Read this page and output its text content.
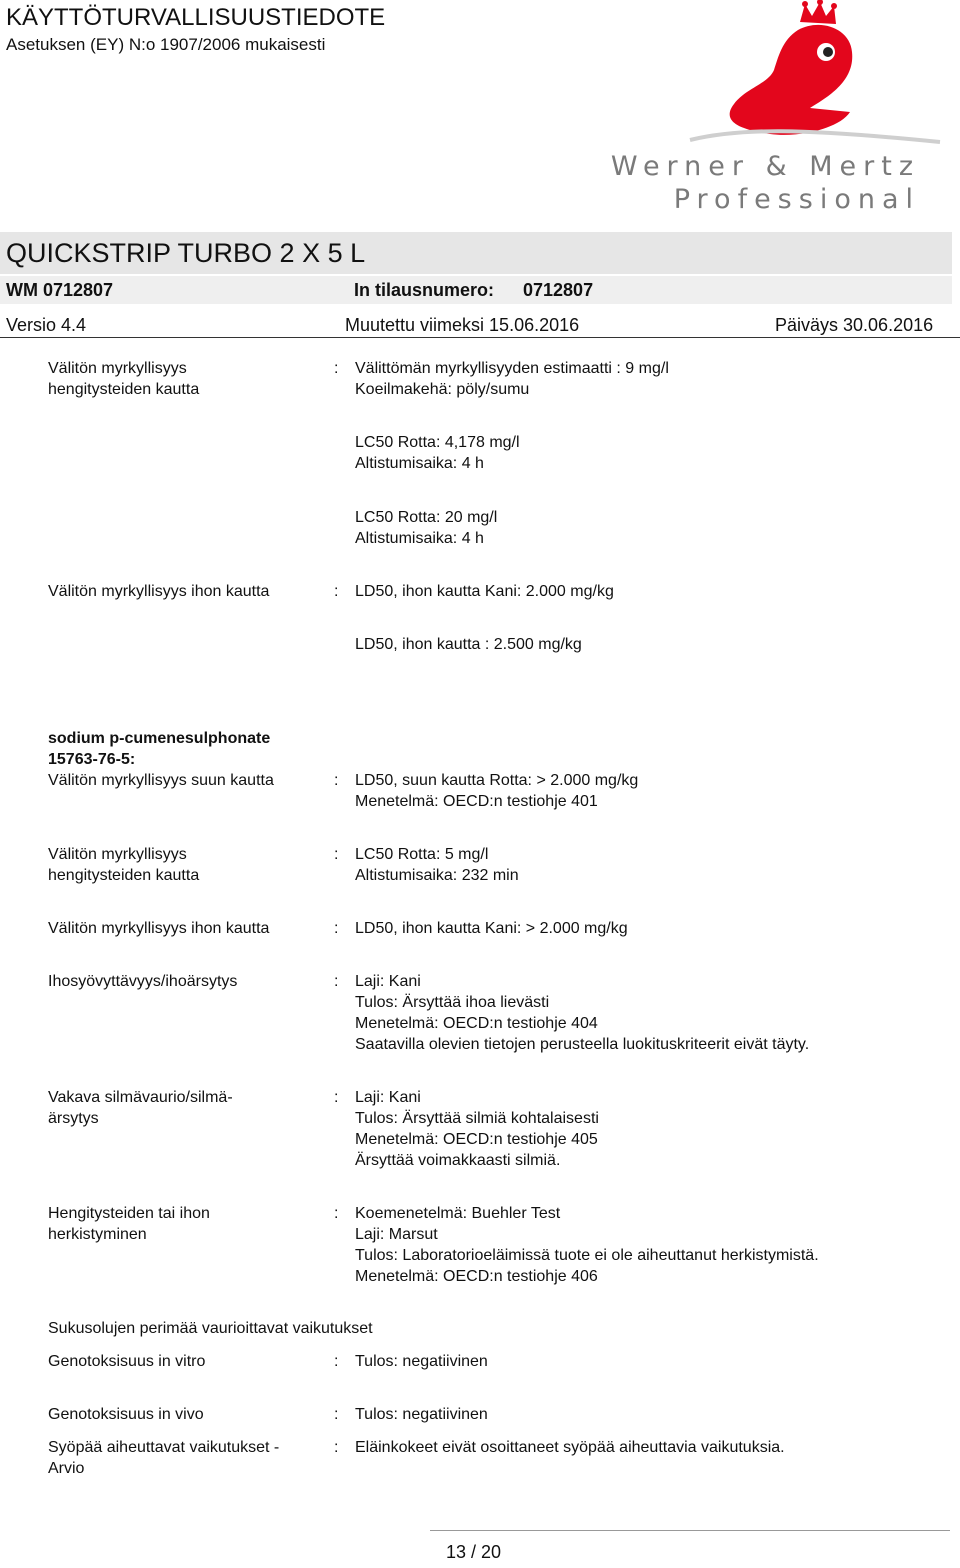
KÄYTTÖTURVALLISUUSTIEDOTE
Asetuksen (EY) N:o 1907/2006 mukaisesti
Werner & Mertz
Professional
QUICKSTRIP TURBO 2 X 5 L
WM 0712807	In tilausnumero: 0712807
Versio 4.4	Muutettu viimeksi 15.06.2016	Päiväys 30.06.2016
Välitön myrkyllisyys
hengitysteiden kautta
: Välittömän myrkyllisyyden estimaatti : 9 mg/l
Koeilmakehä: pöly/sumu
LC50 Rotta: 4,178 mg/l
Altistumisaika: 4 h
LC50 Rotta: 20 mg/l
Altistumisaika: 4 h
Välitön myrkyllisyys ihon kautta	: LD50, ihon kautta Kani: 2.000 mg/kg
LD50, ihon kautta : 2.500 mg/kg
sodium p-cumenesulphonate
15763-76-5:
Välitön myrkyllisyys suun kautta	: LD50, suun kautta Rotta: > 2.000 mg/kg
Menetelmä: OECD:n testiohje 401
Välitön myrkyllisyys
hengitysteiden kautta
: LC50 Rotta: 5 mg/l
Altistumisaika: 232 min
Välitön myrkyllisyys ihon kautta	: LD50, ihon kautta Kani: > 2.000 mg/kg
Ihosyövyttävyys/ihoärsytys	: Laji: Kani
Tulos: Ärsyttää ihoa lievästi
Menetelmä: OECD:n testiohje 404
Saatavilla olevien tietojen perusteella luokituskriteerit eivät täyty.
Vakava silmävaurio/silmä-
ärsytys
: Laji: Kani
Tulos: Ärsyttää silmiä kohtalaisesti
Menetelmä: OECD:n testiohje 405
Ärsyttää voimakkaasti silmiä.
Hengitysteiden tai ihon
herkistyminen
: Koemenetelmä: Buehler Test
Laji: Marsut
Tulos: Laboratorioeläimissä tuote ei ole aiheuttanut herkistymistä.
Menetelmä: OECD:n testiohje 406
Sukusolujen perimää vaurioittavat vaikutukset
Genotoksisuus in vitro	: Tulos: negatiivinen
Genotoksisuus in vivo	: Tulos: negatiivinen
Syöpää aiheuttavat vaikutukset -
Arvio
: Eläinkokeet eivät osoittaneet syöpää aiheuttavia vaikutuksia.
13 / 20
